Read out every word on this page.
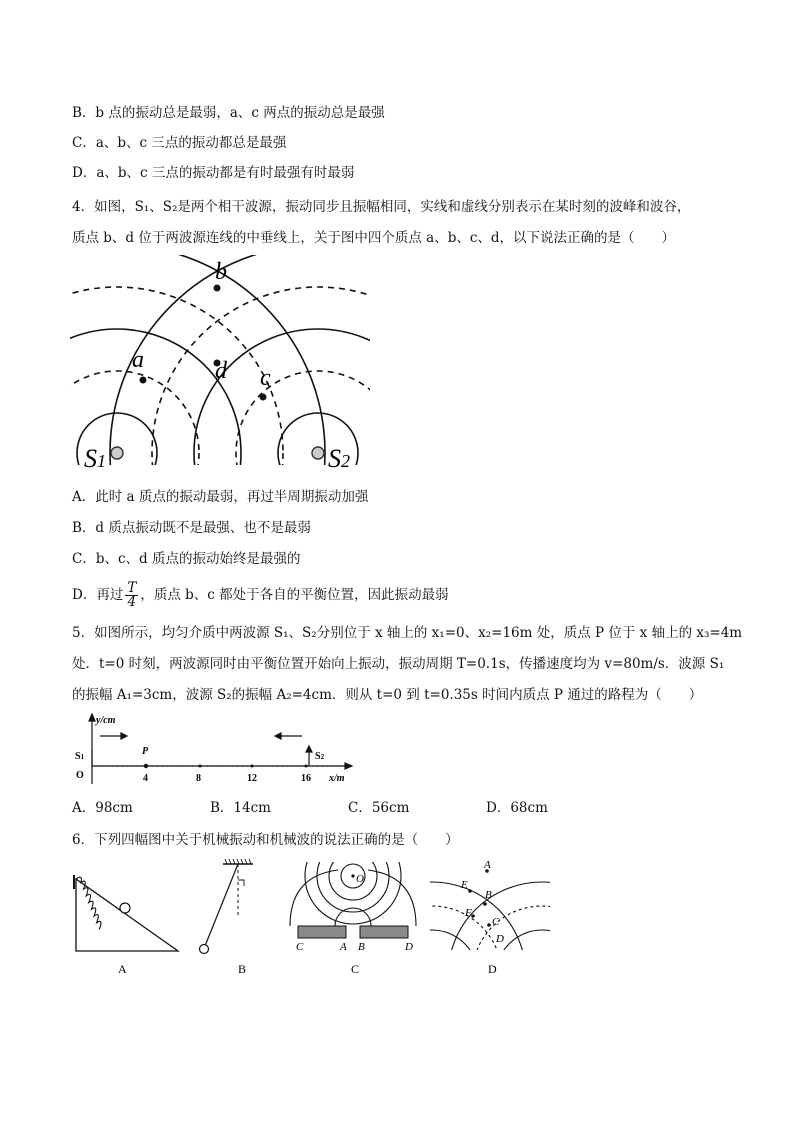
B．b 点的振动总是最弱，a、c 两点的振动总是最强
C．a、b、c 三点的振动都总是最强
D．a、b、c 三点的振动都是有时最强有时最弱
4．如图，S₁、S₂是两个相干波源，振动同步且振幅相同，实线和虚线分别表示在某时刻的波峰和波谷，
质点 b、d 位于两波源连线的中垂线上，关于图中四个质点 a、b、c、d，以下说法正确的是（　　）
b
a	d c
S1	S2
A．此时 a 质点的振动最弱，再过半周期振动加强
B．d 质点振动既不是最强、也不是最弱
C．b、c、d 质点的振动始终是最强的
D．再过 $\frac{T}{4}$ ，质点 b、c 都处于各自的平衡位置，因此振动最弱
5．如图所示，均匀介质中两波源 S₁、S₂分别位于 x 轴上的 x₁=0、x₂=16m 处，质点 P 位于 x 轴上的 x₃=4m
处．t=0 时刻，两波源同时由平衡位置开始向上振动，振动周期 T=0.1s，传播速度均为 v=80m/s．波源 S₁
的振幅 A₁=3cm，波源 S₂的振幅 A₂=4cm．则从 t=0 到 t=0.35s 时间内质点 P 通过的路程为（　　）
y/cm
O
S1	S2
P
4	8	12	16 x/m
A．98cm	B．14cm	C．56cm	D．68cm
6．下列四幅图中关于机械振动和机械波的说法正确的是（　　）
A	B
O
C	A B	D
C
A
E
B
F
C
D
D
